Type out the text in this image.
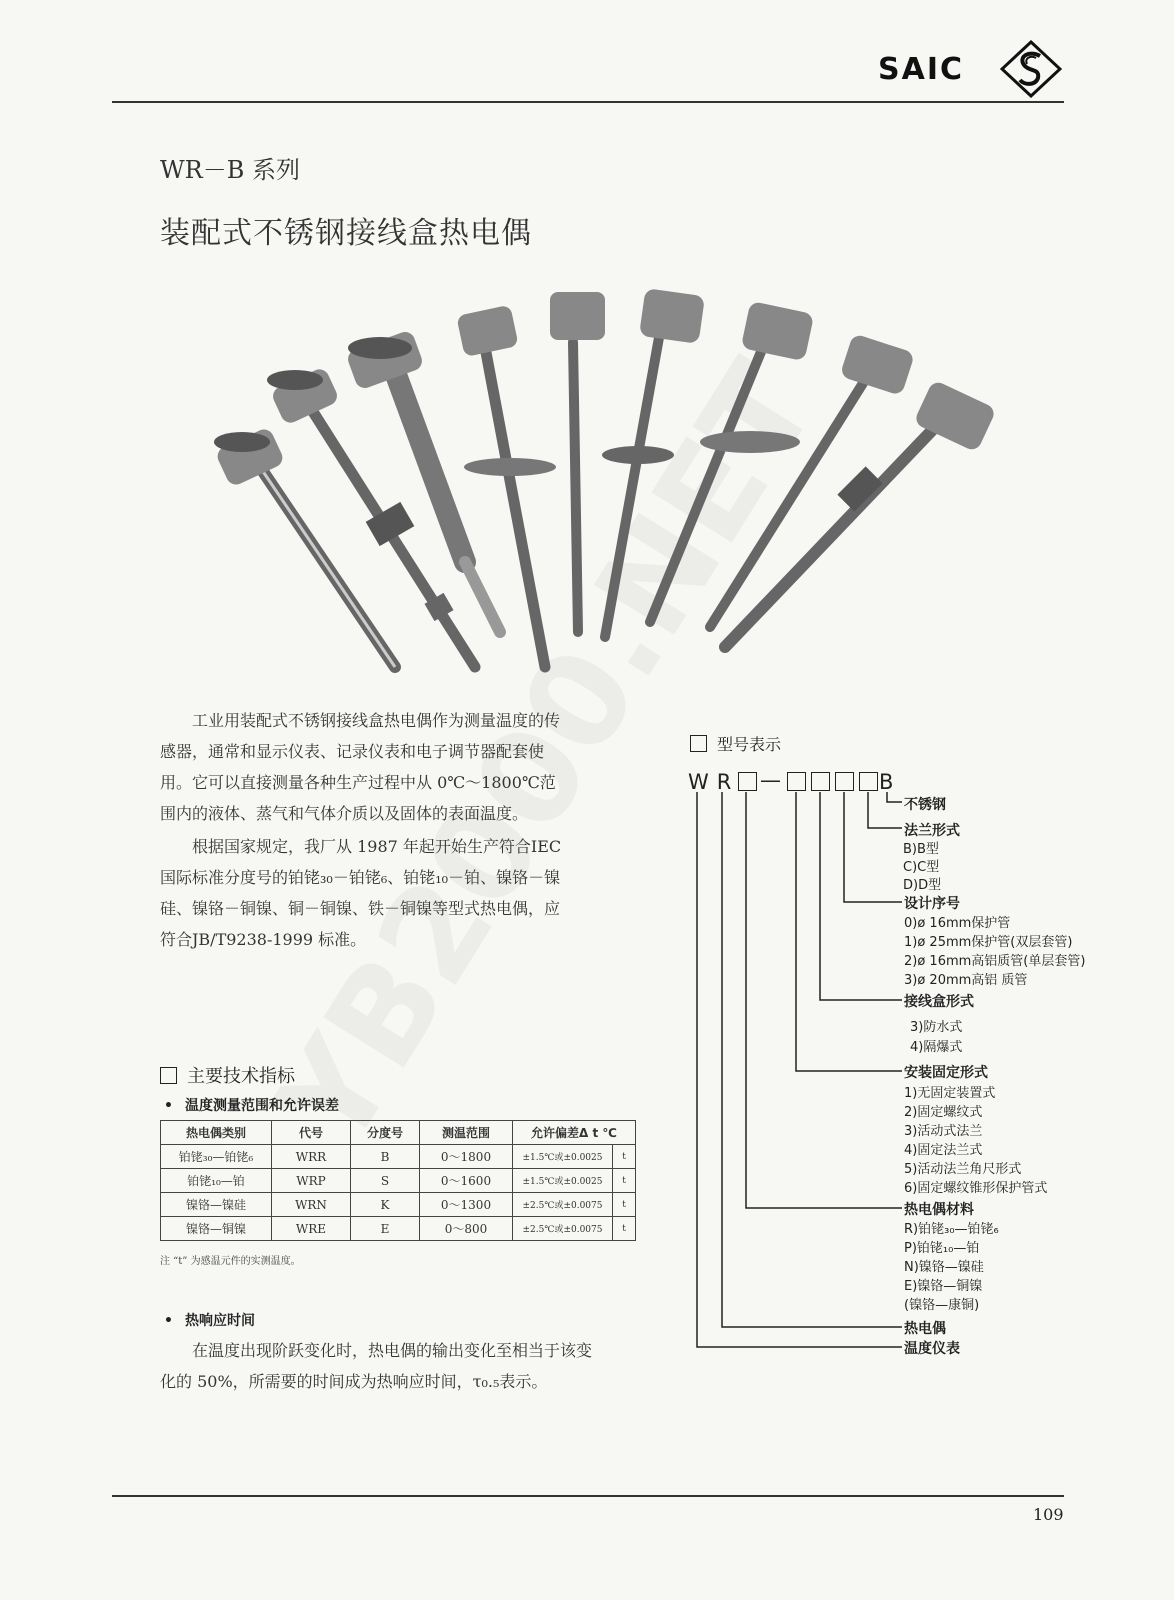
SAIC
WR－B 系列
装配式不锈钢接线盒热电偶

工业用装配式不锈钢接线盒热电偶作为测量温度的传感器，通常和显示仪表、记录仪表和电子调节器配套使用。它可以直接测量各种生产过程中从 0℃～1800℃范围内的液体、蒸气和气体介质以及固体的表面温度。

根据国家规定，我厂从 1987 年起开始生产符合IEC国际标准分度号的铂铑₃₀－铂铑₆、铂铑₁₀－铂、镍铬－镍硅、镍铬－铜镍、铜－铜镍、铁－铜镍等型式热电偶，应符合JB/T9238-1999 标准。

主要技术指标
• 温度测量范围和允许误差
热电偶类别	代号	分度号	测温范围	允许偏差Δ t ℃	
铂铑₃₀—铂铑₆	WRR	B	0～1800	±1.5℃或±0.0025	t
铂铑₁₀—铂	WRP	S	0～1600	±1.5℃或±0.0025	t
镍铬—镍硅	WRN	K	0～1300	±2.5℃或±0.0075	t
镍铬—铜镍	WRE	E	0～800	±2.5℃或±0.0075	t
注 “t” 为感温元件的实测温度。
• 热响应时间

在温度出现阶跃变化时，热电偶的输出变化至相当于该变化的 50%，所需要的时间成为热响应时间，τ₀.₅表示。

型号表示
WR —	B
不锈钢
法兰形式
B)B型
C)C型
D)D型
设计序号
0)ø 16mm保护管
1)ø 25mm保护管(双层套管)
2)ø 16mm高铝质管(单层套管)
3)ø 20mm高铝 质管
接线盒形式
3)防水式
4)隔爆式
安装固定形式
1)无固定装置式
2)固定螺纹式
3)活动式法兰
4)固定法兰式
5)活动法兰角尺形式
6)固定螺纹锥形保护管式
热电偶材料
R)铂铑₃₀—铂铑₆
P)铂铑₁₀—铂
N)镍铬—镍硅
E)镍铬—铜镍
(镍铬—康铜)
热电偶
温度仪表
109
